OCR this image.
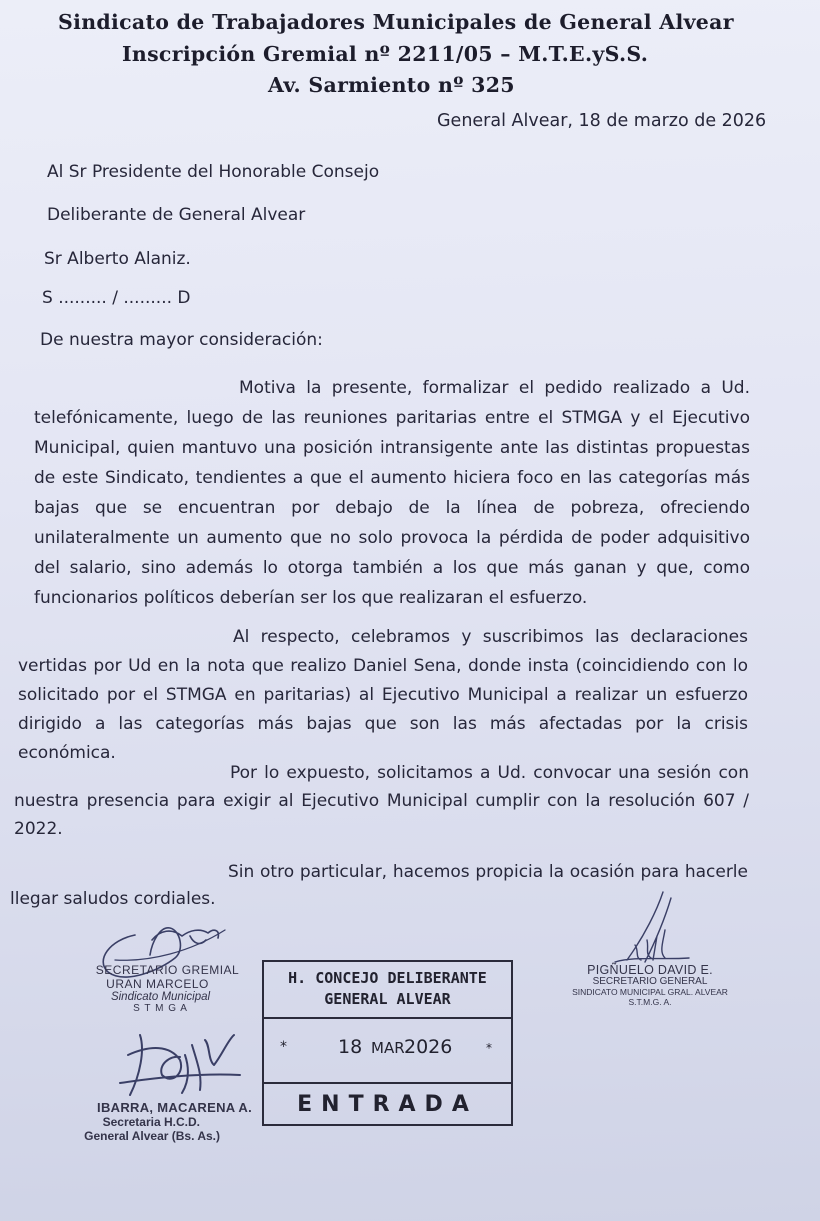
Sindicato de Trabajadores Municipales de General Alvear
Inscripción Gremial nº 2211/05 – M.T.E.yS.S.
Av. Sarmiento nº 325
General Alvear, 18 de marzo de 2026
Al Sr Presidente del Honorable Consejo
Deliberante de General Alvear
Sr Alberto Alaniz.
S ......... / ......... D
De nuestra mayor consideración:
Motiva la presente, formalizar el pedido realizado a Ud. telefónicamente, luego de las reuniones paritarias entre el STMGA y el Ejecutivo Municipal, quien mantuvo una posición intransigente ante las distintas propuestas de este Sindicato, tendientes a que el aumento hiciera foco en las categorías más bajas que se encuentran por debajo de la línea de pobreza, ofreciendo unilateralmente un aumento que no solo provoca la pérdida de poder adquisitivo del salario, sino además lo otorga también a los que más ganan y que, como funcionarios políticos deberían ser los que realizaran el esfuerzo.
Al respecto, celebramos y suscribimos las declaraciones vertidas por Ud en la nota que realizo Daniel Sena, donde insta (coincidiendo con lo solicitado por el STMGA en paritarias) al Ejecutivo Municipal a realizar un esfuerzo dirigido a las categorías más bajas que son las más afectadas por la crisis económica.
Por lo expuesto, solicitamos a Ud. convocar una sesión con nuestra presencia para exigir al Ejecutivo Municipal cumplir con la resolución 607 / 2022.
Sin otro particular, hacemos propicia la ocasión para hacerle llegar saludos cordiales.
SECRETARIO GREMIAL
URAN MARCELO
Sindicato Municipal
S T M G A
PIGÑUELO DAVID E.
SECRETARIO GENERAL
SINDICATO MUNICIPAL GRAL. ALVEAR
S.T.M.G. A.
IBARRA, MACARENA A.
Secretaria H.C.D.
General Alvear (Bs. As.)
H. CONCEJO DELIBERANTE
GENERAL ALVEAR
*	18 MAR 2026	*
ENTRADA
